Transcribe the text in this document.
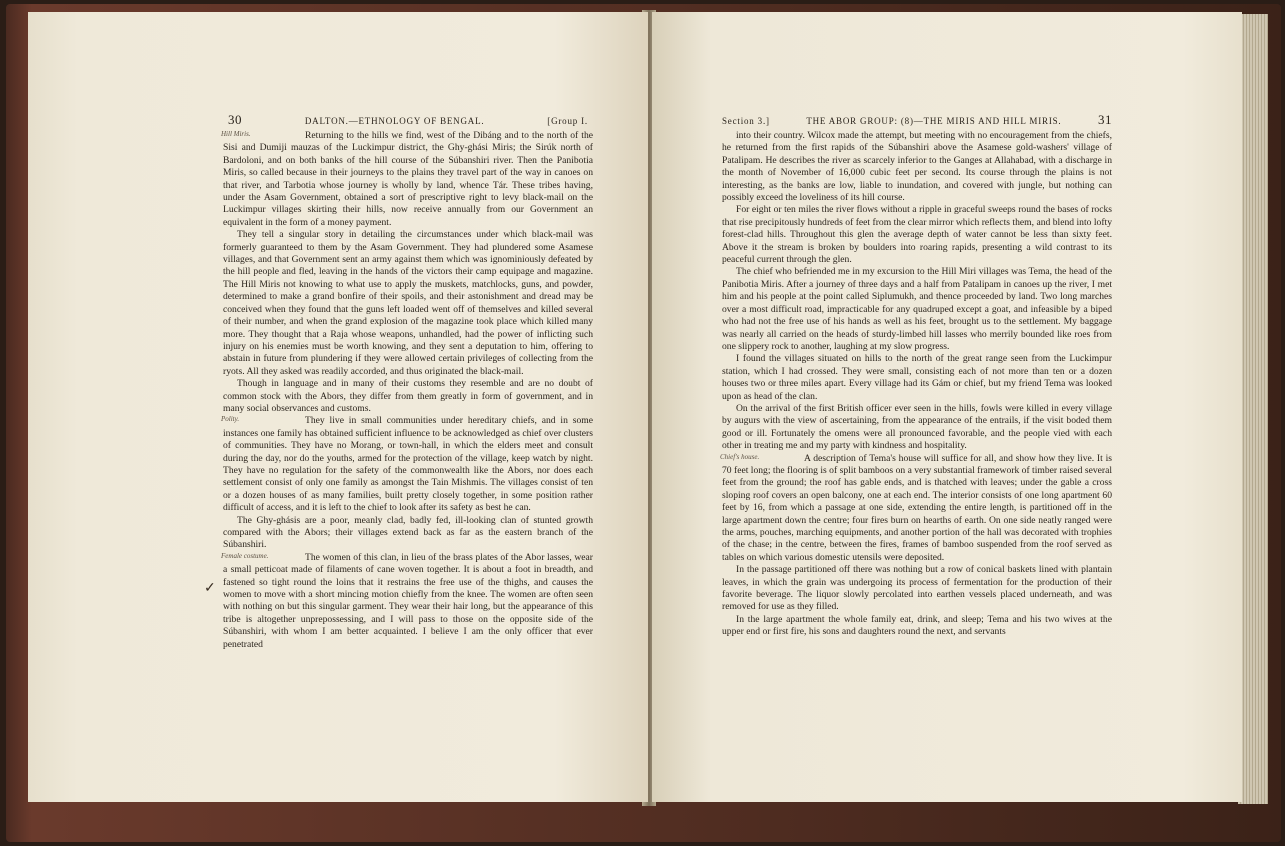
30	DALTON.—ETHNOLOGY OF BENGAL.	[Group I.
✓

Hill Miris.	Returning to the hills we find, west of the Dibáng and to the north of the Sisi and Dumiji mauzas of the Luckimpur district, the Ghy-ghási Miris; the Sirúk north of Bardoloni, and on both banks of the hill course of the Súbanshiri river. Then the Panibotia Miris, so called because in their journeys to the plains they travel part of the way in canoes on that river, and Tarbotia whose journey is wholly by land, whence Tár. These tribes having, under the Asam Government, obtained a sort of prescriptive right to levy black-mail on the Luckimpur villages skirting their hills, now receive annually from our Government an equivalent in the form of a money payment.

They tell a singular story in detailing the circumstances under which black-mail was formerly guaranteed to them by the Asam Government. They had plundered some Asamese villages, and that Government sent an army against them which was ignominiously defeated by the hill people and fled, leaving in the hands of the victors their camp equipage and magazine. The Hill Miris not knowing to what use to apply the muskets, matchlocks, guns, and powder, determined to make a grand bonfire of their spoils, and their astonishment and dread may be conceived when they found that the guns left loaded went off of themselves and killed several of their number, and when the grand explosion of the magazine took place which killed many more. They thought that a Raja whose weapons, unhandled, had the power of inflicting such injury on his enemies must be worth knowing, and they sent a deputation to him, offering to abstain in future from plundering if they were allowed certain privileges of collecting from the ryots. All they asked was readily accorded, and thus originated the black-mail.

Though in language and in many of their customs they resemble and are no doubt of common stock with the Abors, they differ from them greatly in form of government, and in many social observances and customs.

Polity.	They live in small communities under hereditary chiefs, and in some instances one family has obtained sufficient influence to be acknowledged as chief over clusters of communities. They have no Morang, or town-hall, in which the elders meet and consult during the day, nor do the youths, armed for the protection of the village, keep watch by night. They have no regulation for the safety of the commonwealth like the Abors, nor does each settlement consist of only one family as amongst the Tain Mishmis. The villages consist of ten or a dozen houses of as many families, built pretty closely together, in some position rather difficult of access, and it is left to the chief to look after its safety as best he can.

The Ghy-ghásis are a poor, meanly clad, badly fed, ill-looking clan of stunted growth compared with the Abors; their villages extend back as far as the eastern branch of the Súbanshiri.

Female costume.	The women of this clan, in lieu of the brass plates of the Abor lasses, wear a small petticoat made of filaments of cane woven together. It is about a foot in breadth, and fastened so tight round the loins that it restrains the free use of the thighs, and causes the women to move with a short mincing motion chiefly from the knee. The women are often seen with nothing on but this singular garment. They wear their hair long, but the appearance of this tribe is altogether unprepossessing, and I will pass to those on the opposite side of the Súbanshiri, with whom I am better acquainted. I believe I am the only officer that ever penetrated

Section 3.]	THE ABOR GROUP: (8)—THE MIRIS AND HILL MIRIS.	31

into their country. Wilcox made the attempt, but meeting with no encouragement from the chiefs, he returned from the first rapids of the Súbanshiri above the Asamese gold-washers' village of Patalipam. He describes the river as scarcely inferior to the Ganges at Allahabad, with a discharge in the month of November of 16,000 cubic feet per second. Its course through the plains is not interesting, as the banks are low, liable to inundation, and covered with jungle, but nothing can possibly exceed the loveliness of its hill course.

For eight or ten miles the river flows without a ripple in graceful sweeps round the bases of rocks that rise precipitously hundreds of feet from the clear mirror which reflects them, and blend into lofty forest-clad hills. Throughout this glen the average depth of water cannot be less than sixty feet. Above it the stream is broken by boulders into roaring rapids, presenting a wild contrast to its peaceful current through the glen.

The chief who befriended me in my excursion to the Hill Miri villages was Tema, the head of the Panibotia Miris. After a journey of three days and a half from Patalipam in canoes up the river, I met him and his people at the point called Siplumukh, and thence proceeded by land. Two long marches over a most difficult road, impracticable for any quadruped except a goat, and infeasible by a biped who had not the free use of his hands as well as his feet, brought us to the settlement. My baggage was nearly all carried on the heads of sturdy-limbed hill lasses who merrily bounded like roes from one slippery rock to another, laughing at my slow progress.

I found the villages situated on hills to the north of the great range seen from the Luckimpur station, which I had crossed. They were small, consisting each of not more than ten or a dozen houses two or three miles apart. Every village had its Gám or chief, but my friend Tema was looked upon as head of the clan.

On the arrival of the first British officer ever seen in the hills, fowls were killed in every village by augurs with the view of ascertaining, from the appearance of the entrails, if the visit boded them good or ill. Fortunately the omens were all pronounced favorable, and the people vied with each other in treating me and my party with kindness and hospitality.

Chief's house.	A description of Tema's house will suffice for all, and show how they live. It is 70 feet long; the flooring is of split bamboos on a very substantial framework of timber raised several feet from the ground; the roof has gable ends, and is thatched with leaves; under the gable a cross sloping roof covers an open balcony, one at each end. The interior consists of one long apartment 60 feet by 16, from which a passage at one side, extending the entire length, is partitioned off in the large apartment down the centre; four fires burn on hearths of earth. On one side neatly ranged were the arms, pouches, marching equipments, and another portion of the hall was decorated with trophies of the chase; in the centre, between the fires, frames of bamboo suspended from the roof served as tables on which various domestic utensils were deposited.

In the passage partitioned off there was nothing but a row of conical baskets lined with plantain leaves, in which the grain was undergoing its process of fermentation for the production of their favorite beverage. The liquor slowly percolated into earthen vessels placed underneath, and was removed for use as they filled.

In the large apartment the whole family eat, drink, and sleep; Tema and his two wives at the upper end or first fire, his sons and daughters round the next, and servants
